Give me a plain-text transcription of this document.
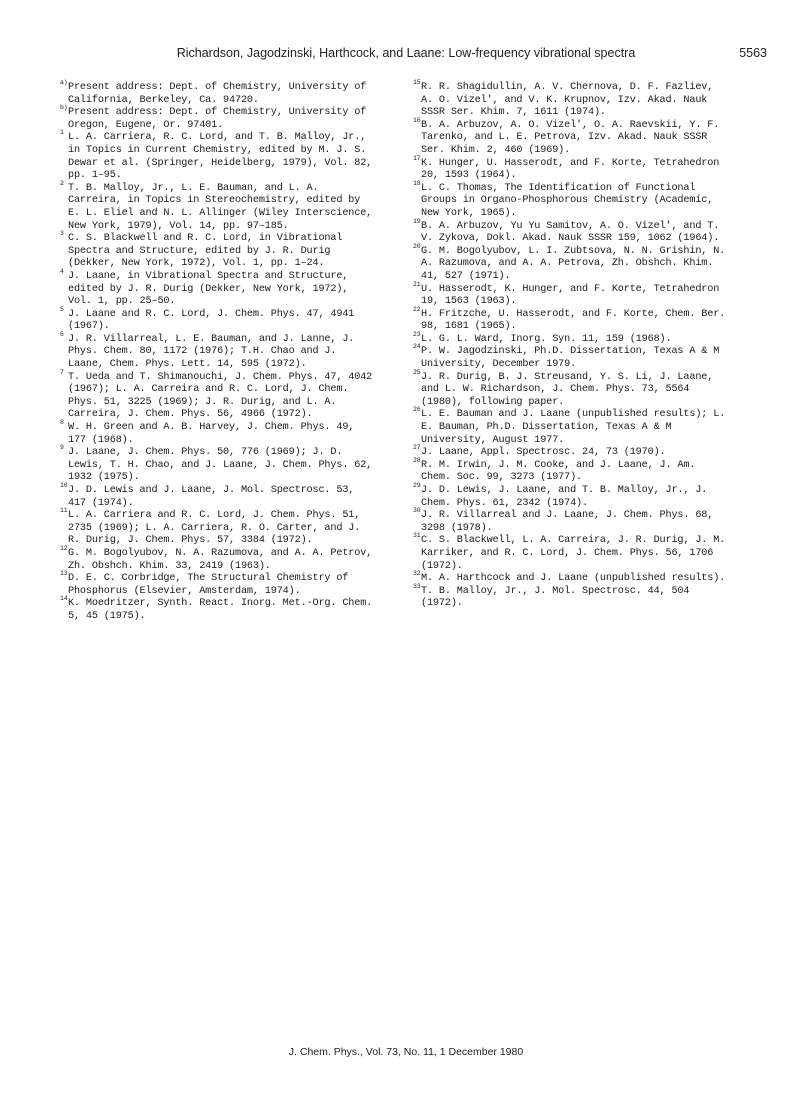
Richardson, Jagodzinski, Harthcock, and Laane: Low-frequency vibrational spectra	5563

a) Present address: Dept. of Chemistry, University of California, Berkeley, Ca. 94720.

b) Present address: Dept. of Chemistry, University of Oregon, Eugene, Or. 97401.

1 L. A. Carriera, R. C. Lord, and T. B. Malloy, Jr., in Topics in Current Chemistry, edited by M. J. S. Dewar et al. (Springer, Heidelberg, 1979), Vol. 82, pp. 1–95.

2 T. B. Malloy, Jr., L. E. Bauman, and L. A. Carreira, in Topics in Stereochemistry, edited by E. L. Eliel and N. L. Allinger (Wiley Interscience, New York, 1979), Vol. 14, pp. 97–185.

3 C. S. Blackwell and R. C. Lord, in Vibrational Spectra and Structure, edited by J. R. Durig (Dekker, New York, 1972), Vol. 1, pp. 1–24.

4 J. Laane, in Vibrational Spectra and Structure, edited by J. R. Durig (Dekker, New York, 1972), Vol. 1, pp. 25–50.

5 J. Laane and R. C. Lord, J. Chem. Phys. 47, 4941 (1967).

6 J. R. Villarreal, L. E. Bauman, and J. Lanne, J. Phys. Chem. 80, 1172 (1976); T.H. Chao and J. Laane, Chem. Phys. Lett. 14, 595 (1972).

7 T. Ueda and T. Shimanouchi, J. Chem. Phys. 47, 4042 (1967); L. A. Carreira and R. C. Lord, J. Chem. Phys. 51, 3225 (1969); J. R. Durig, and L. A. Carreira, J. Chem. Phys. 56, 4966 (1972).

8 W. H. Green and A. B. Harvey, J. Chem. Phys. 49, 177 (1968).

9 J. Laane, J. Chem. Phys. 50, 776 (1969); J. D. Lewis, T. H. Chao, and J. Laane, J. Chem. Phys. 62, 1932 (1975).

10 J. D. Lewis and J. Laane, J. Mol. Spectrosc. 53, 417 (1974).

11 L. A. Carriera and R. C. Lord, J. Chem. Phys. 51, 2735 (1969); L. A. Carriera, R. O. Carter, and J. R. Durig, J. Chem. Phys. 57, 3384 (1972).

12 G. M. Bogolyubov, N. A. Razumova, and A. A. Petrov, Zh. Obshch. Khim. 33, 2419 (1963).

13 D. E. C. Corbridge, The Structural Chemistry of Phosphorus (Elsevier, Amsterdam, 1974).

14 K. Moedritzer, Synth. React. Inorg. Met.-Org. Chem. 5, 45 (1975).

15 R. R. Shagidullin, A. V. Chernova, D. F. Fazliev, A. O. Vizel', and V. K. Krupnov, Izv. Akad. Nauk SSSR Ser. Khim. 7, 1611 (1974).

16 B. A. Arbuzov, A. O. Vizel', O. A. Raevskii, Y. F. Tarenko, and L. E. Petrova, Izv. Akad. Nauk SSSR Ser. Khim. 2, 460 (1969).

17 K. Hunger, U. Hasserodt, and F. Korte, Tetrahedron 20, 1593 (1964).

18 L. C. Thomas, The Identification of Functional Groups in Organo-Phosphorous Chemistry (Academic, New York, 1965).

19 B. A. Arbuzov, Yu Yu Samitov, A. O. Vizel', and T. V. Zykova, Dokl. Akad. Nauk SSSR 159, 1062 (1964).

20 G. M. Bogolyubov, L. I. Zubtsova, N. N. Grishin, N. A. Razumova, and A. A. Petrova, Zh. Obshch. Khim. 41, 527 (1971).

21 U. Hasserodt, K. Hunger, and F. Korte, Tetrahedron 19, 1563 (1963).

22 H. Fritzche, U. Hasserodt, and F. Korte, Chem. Ber. 98, 1681 (1965).

23 L. G. L. Ward, Inorg. Syn. 11, 159 (1968).

24 P. W. Jagodzinski, Ph.D. Dissertation, Texas A & M University, December 1979.

25 J. R. Durig, B. J. Streusand, Y. S. Li, J. Laane, and L. W. Richardson, J. Chem. Phys. 73, 5564 (1980), following paper.

26 L. E. Bauman and J. Laane (unpublished results); L. E. Bauman, Ph.D. Dissertation, Texas A & M University, August 1977.

27 J. Laane, Appl. Spectrosc. 24, 73 (1970).

28 R. M. Irwin, J. M. Cooke, and J. Laane, J. Am. Chem. Soc. 99, 3273 (1977).

29 J. D. Lewis, J. Laane, and T. B. Malloy, Jr., J. Chem. Phys. 61, 2342 (1974).

30 J. R. Villarreal and J. Laane, J. Chem. Phys. 68, 3298 (1978).

31 C. S. Blackwell, L. A. Carreira, J. R. Durig, J. M. Karriker, and R. C. Lord, J. Chem. Phys. 56, 1706 (1972).

32 M. A. Harthcock and J. Laane (unpublished results).

33 T. B. Malloy, Jr., J. Mol. Spectrosc. 44, 504 (1972).

J. Chem. Phys., Vol. 73, No. 11, 1 December 1980
